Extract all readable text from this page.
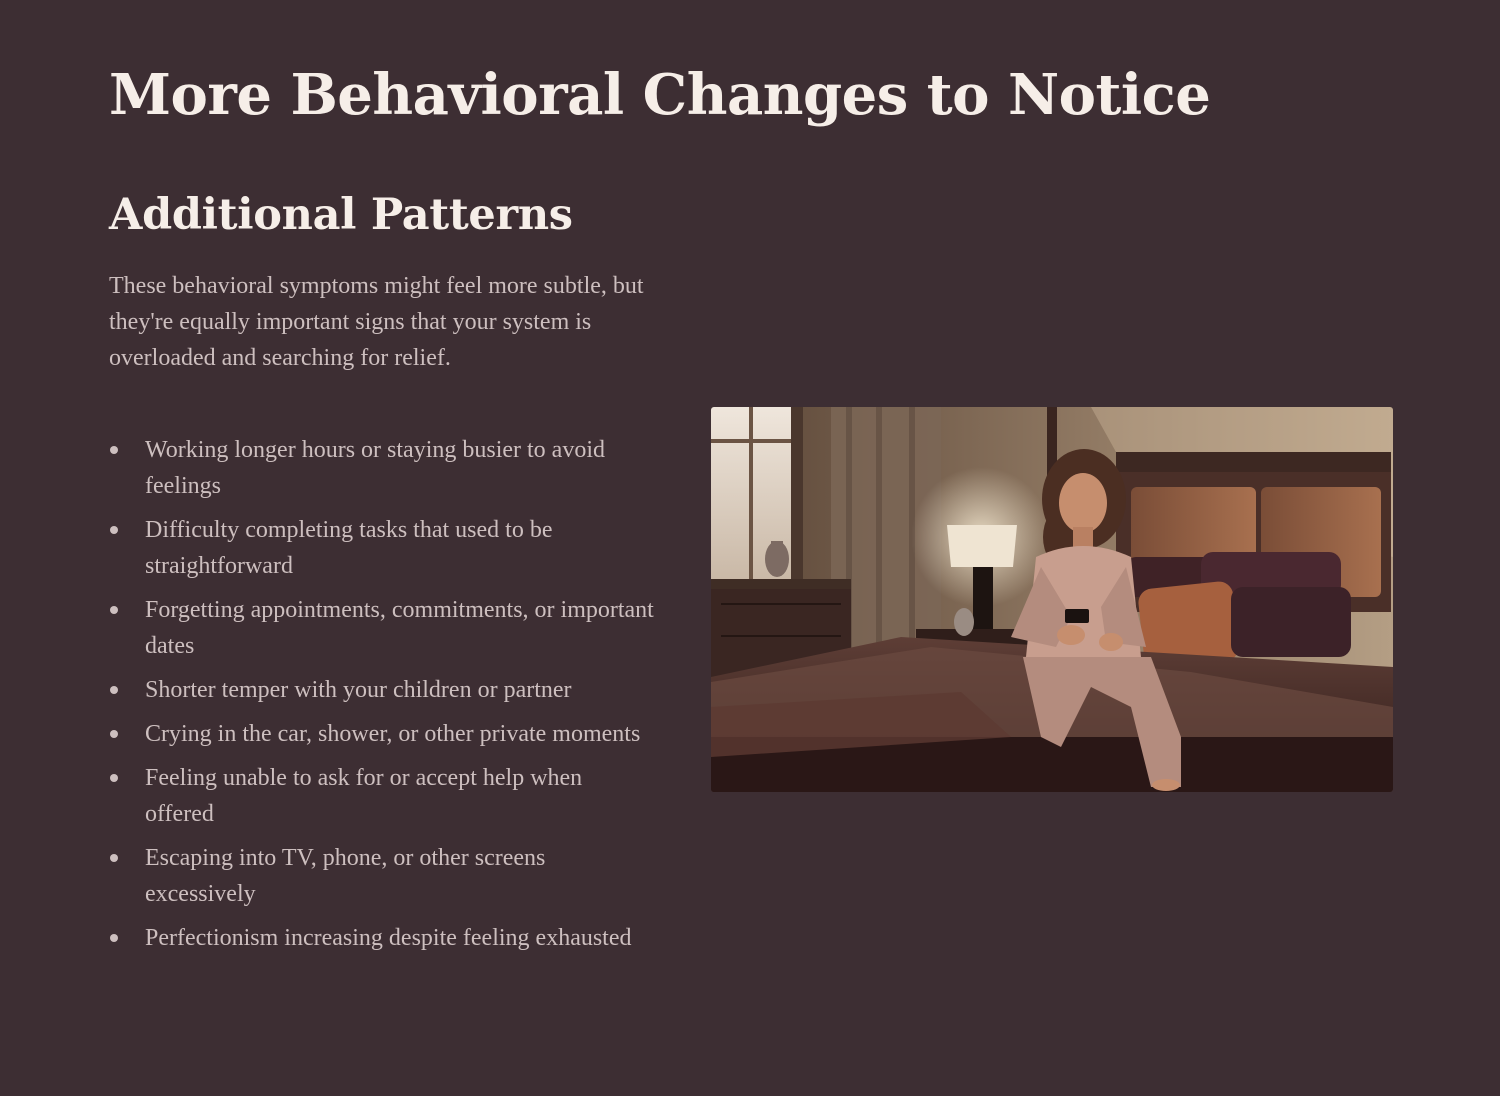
More Behavioral Changes to Notice
Additional Patterns

These behavioral symptoms might feel more subtle, but they're equally important signs that your system is overloaded and searching for relief.

Working longer hours or staying busier to avoid feelings
Difficulty completing tasks that used to be straightforward
Forgetting appointments, commitments, or important dates
Shorter temper with your children or partner
Crying in the car, shower, or other private moments
Feeling unable to ask for or accept help when offered
Escaping into TV, phone, or other screens excessively
Perfectionism increasing despite feeling exhausted
